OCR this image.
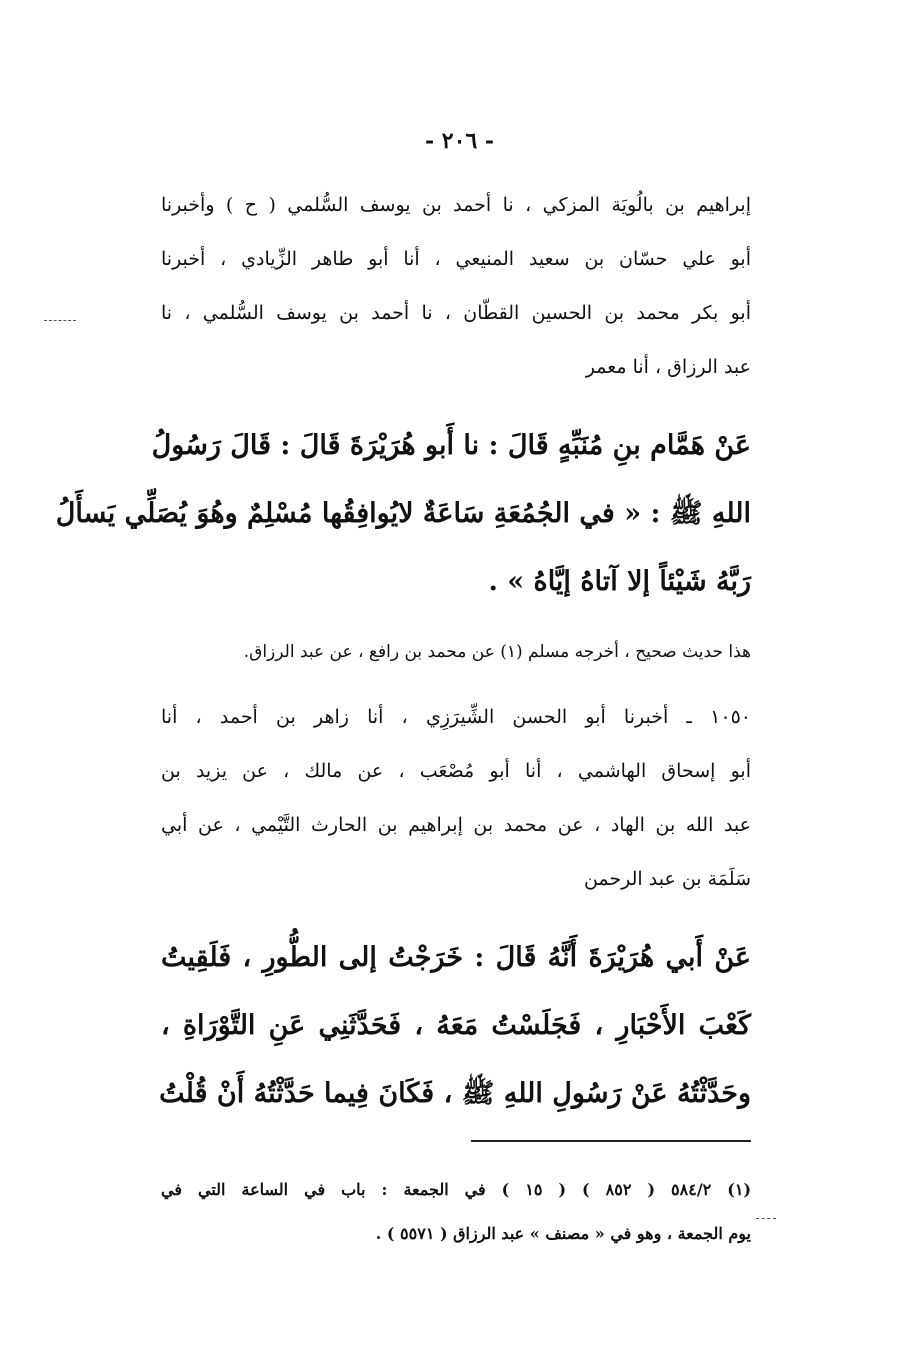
- ٢٠٦ -
إبراهيم بن بالُويَة المزكي ، نا أحمد بن يوسف السُّلمي ( ح ) وأخبرنا
أبو علي حسّان بن سعيد المنيعي ، أنا أبو طاهر الزِّيادي ، أخبرنا
أبو بكر محمد بن الحسين القطّان ، نا أحمد بن يوسف السُّلمي ، نا
عبد الرزاق ، أنا معمر
عَنْ هَمَّام بنِ مُنَبِّهٍ قَالَ : نا أَبو هُرَيْرَةَ قَالَ : قَالَ رَسُولُ
اللهِ ﷺ : « في الجُمُعَةِ سَاعَةٌ لايُوافِقُها مُسْلِمٌ وهُوَ يُصَلِّي يَسأَلُ
رَبَّهُ شَيْئاً إلا آتاهُ إيَّاهُ » .
هذا حديث صحيح ، أخرجه مسلم (١) عن محمد بن رافع ، عن عبد الرزاق.
١٠٥٠ ـ أخبرنا أبو الحسن الشِّيرَزِي ، أنا زاهر بن أحمد ، أنا
أبو إسحاق الهاشمي ، أنا أبو مُصْعَب ، عن مالك ، عن يزيد بن
عبد الله بن الهاد ، عن محمد بن إبراهيم بن الحارث التَّيْمي ، عن أبي
سَلَمَة بن عبد الرحمن
عَنْ أَبي هُرَيْرَةَ أَنَّهُ قَالَ : خَرَجْتُ إلى الطُّورِ ، فَلَقِيتُ
كَعْبَ الأَحْبَارِ ، فَجَلَسْتُ مَعَهُ ، فَحَدَّثَنِي عَنِ التَّوْرَاةِ ،
وحَدَّثْتُهُ عَنْ رَسُولِ اللهِ ﷺ ، فَكَانَ فِيما حَدَّثْتُهُ أَنْ قُلْتُ
(١) ٥٨٤/٢ ( ٨٥٢ ) ( ١٥ ) في الجمعة : باب في الساعة التي في
يوم الجمعة ، وهو في « مصنف » عبد الرزاق ( ٥٥٧١ ) .
